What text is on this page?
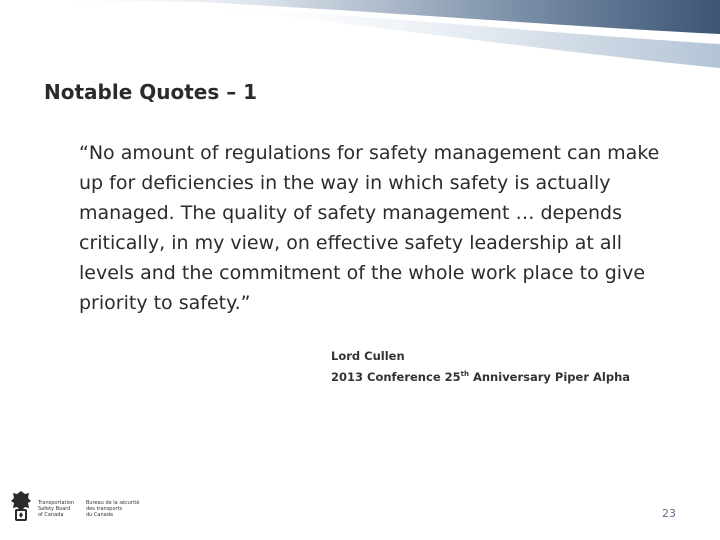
Notable Quotes – 1
“No amount of regulations for safety management can make up for deficiencies in the way in which safety is actually managed. The quality of safety management … depends critically, in my view, on effective safety leadership at all levels and the commitment of the whole work place to give priority to safety.”
Lord Cullen
2013 Conference 25th Anniversary Piper Alpha
Transportation
Safety Board
of Canada
Bureau de la sécurité
des transports
du Canada	23
